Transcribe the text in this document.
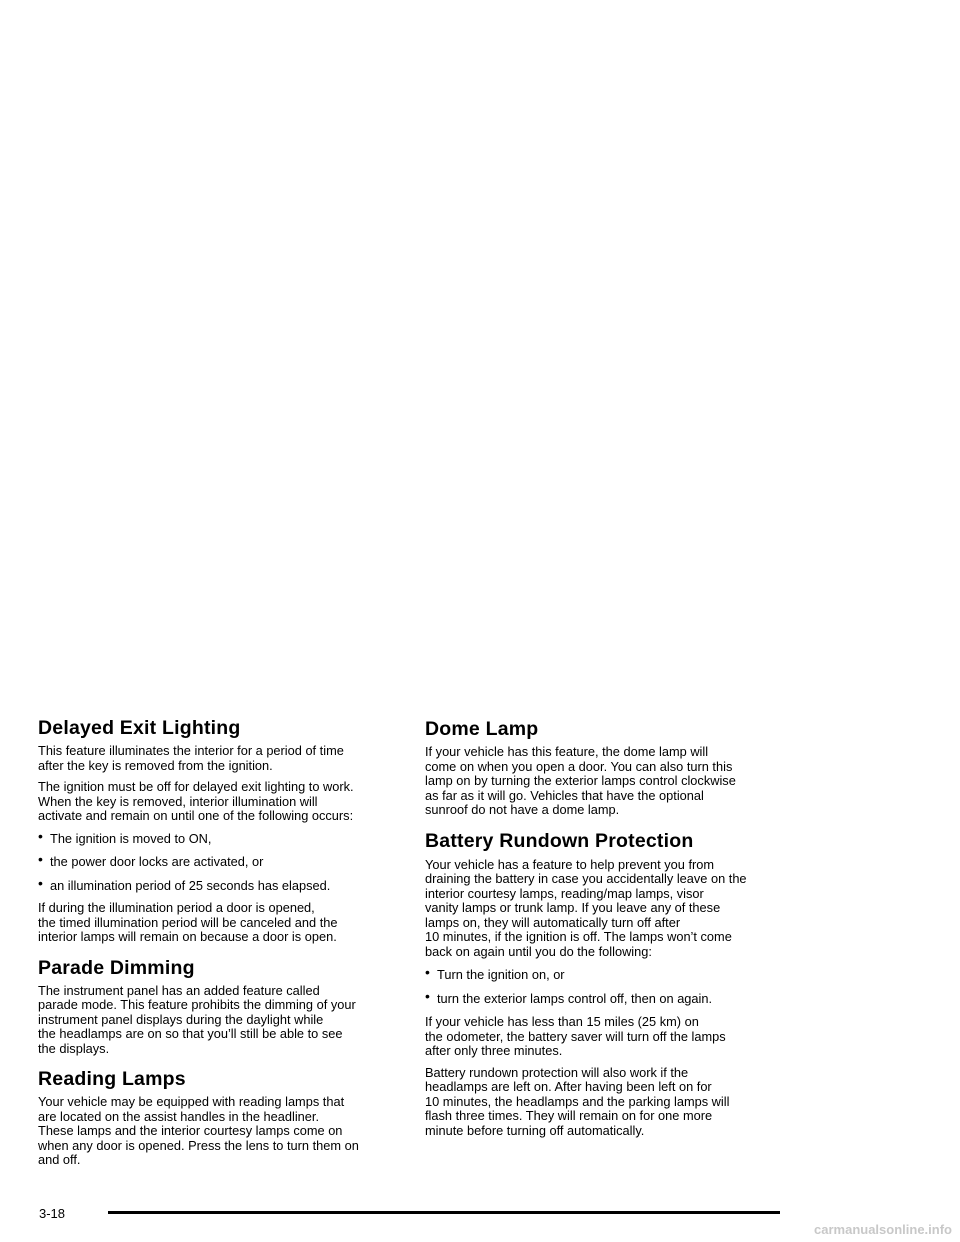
Delayed Exit Lighting
This feature illuminates the interior for a period of time
after the key is removed from the ignition.
The ignition must be off for delayed exit lighting to work.
When the key is removed, interior illumination will
activate and remain on until one of the following occurs:
• The ignition is moved to ON,
• the power door locks are activated, or
• an illumination period of 25 seconds has elapsed.
If during the illumination period a door is opened,
the timed illumination period will be canceled and the
interior lamps will remain on because a door is open.
Parade Dimming
The instrument panel has an added feature called
parade mode. This feature prohibits the dimming of your
instrument panel displays during the daylight while
the headlamps are on so that you’ll still be able to see
the displays.
Reading Lamps
Your vehicle may be equipped with reading lamps that
are located on the assist handles in the headliner.
These lamps and the interior courtesy lamps come on
when any door is opened. Press the lens to turn them on
and off.
Dome Lamp
If your vehicle has this feature, the dome lamp will
come on when you open a door. You can also turn this
lamp on by turning the exterior lamps control clockwise
as far as it will go. Vehicles that have the optional
sunroof do not have a dome lamp.
Battery Rundown Protection
Your vehicle has a feature to help prevent you from
draining the battery in case you accidentally leave on the
interior courtesy lamps, reading/map lamps, visor
vanity lamps or trunk lamp. If you leave any of these
lamps on, they will automatically turn off after
10 minutes, if the ignition is off. The lamps won’t come
back on again until you do the following:
• Turn the ignition on, or
• turn the exterior lamps control off, then on again.
If your vehicle has less than 15 miles (25 km) on
the odometer, the battery saver will turn off the lamps
after only three minutes.
Battery rundown protection will also work if the
headlamps are left on. After having been left on for
10 minutes, the headlamps and the parking lamps will
flash three times. They will remain on for one more
minute before turning off automatically.
3-18
carmanualsonline.info
